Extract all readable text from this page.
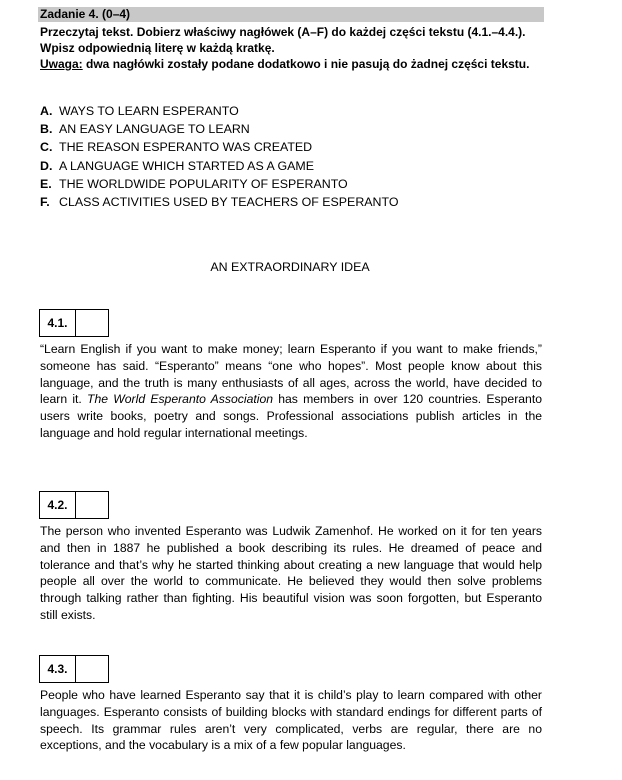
Zadanie 4. (0–4)
Przeczytaj tekst. Dobierz właściwy nagłówek (A–F) do każdej części tekstu (4.1.–4.4.).
Wpisz odpowiednią literę w każdą kratkę.
Uwaga: dwa nagłówki zostały podane dodatkowo i nie pasują do żadnej części tekstu.
A. WAYS TO LEARN ESPERANTO
B. AN EASY LANGUAGE TO LEARN
C. THE REASON ESPERANTO WAS CREATED
D. A LANGUAGE WHICH STARTED AS A GAME
E. THE WORLDWIDE POPULARITY OF ESPERANTO
F. CLASS ACTIVITIES USED BY TEACHERS OF ESPERANTO
AN EXTRAORDINARY IDEA
4.1.

“Learn English if you want to make money; learn Esperanto if you want to make friends,” someone has said. “Esperanto” means “one who hopes”. Most people know about this language, and the truth is many enthusiasts of all ages, across the world, have decided to learn it. The World Esperanto Association has members in over 120 countries. Esperanto users write books, poetry and songs. Professional associations publish articles in the language and hold regular international meetings.

4.2.

The person who invented Esperanto was Ludwik Zamenhof. He worked on it for ten years and then in 1887 he published a book describing its rules. He dreamed of peace and tolerance and that’s why he started thinking about creating a new language that would help people all over the world to communicate. He believed they would then solve problems through talking rather than fighting. His beautiful vision was soon forgotten, but Esperanto still exists.

4.3.

People who have learned Esperanto say that it is child’s play to learn compared with other languages. Esperanto consists of building blocks with standard endings for different parts of speech. Its grammar rules aren’t very complicated, verbs are regular, there are no exceptions, and the vocabulary is a mix of a few popular languages.
